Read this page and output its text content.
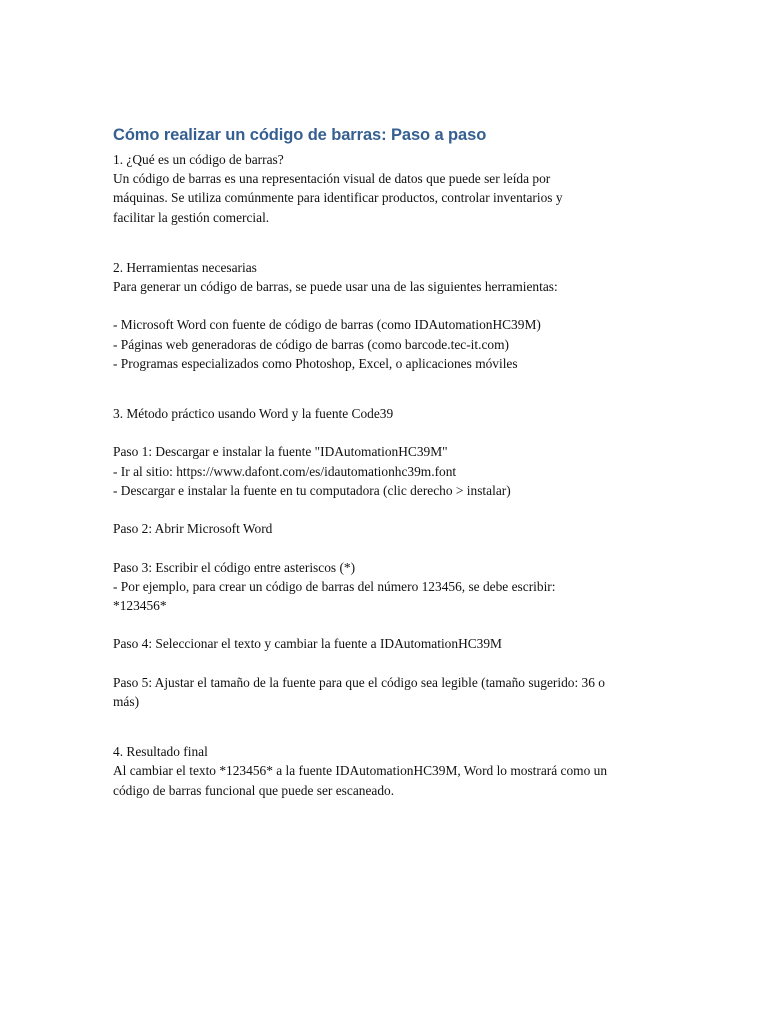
Cómo realizar un código de barras: Paso a paso

1. ¿Qué es un código de barras?

Un código de barras es una representación visual de datos que puede ser leída por

máquinas. Se utiliza comúnmente para identificar productos, controlar inventarios y

facilitar la gestión comercial.

2. Herramientas necesarias

Para generar un código de barras, se puede usar una de las siguientes herramientas:

- Microsoft Word con fuente de código de barras (como IDAutomationHC39M)

- Páginas web generadoras de código de barras (como barcode.tec-it.com)

- Programas especializados como Photoshop, Excel, o aplicaciones móviles

3. Método práctico usando Word y la fuente Code39

Paso 1: Descargar e instalar la fuente "IDAutomationHC39M"

- Ir al sitio: https://www.dafont.com/es/idautomationhc39m.font

- Descargar e instalar la fuente en tu computadora (clic derecho > instalar)

Paso 2: Abrir Microsoft Word

Paso 3: Escribir el código entre asteriscos (*)

- Por ejemplo, para crear un código de barras del número 123456, se debe escribir:

*123456*

Paso 4: Seleccionar el texto y cambiar la fuente a IDAutomationHC39M

Paso 5: Ajustar el tamaño de la fuente para que el código sea legible (tamaño sugerido: 36 o

más)

4. Resultado final

Al cambiar el texto *123456* a la fuente IDAutomationHC39M, Word lo mostrará como un

código de barras funcional que puede ser escaneado.
